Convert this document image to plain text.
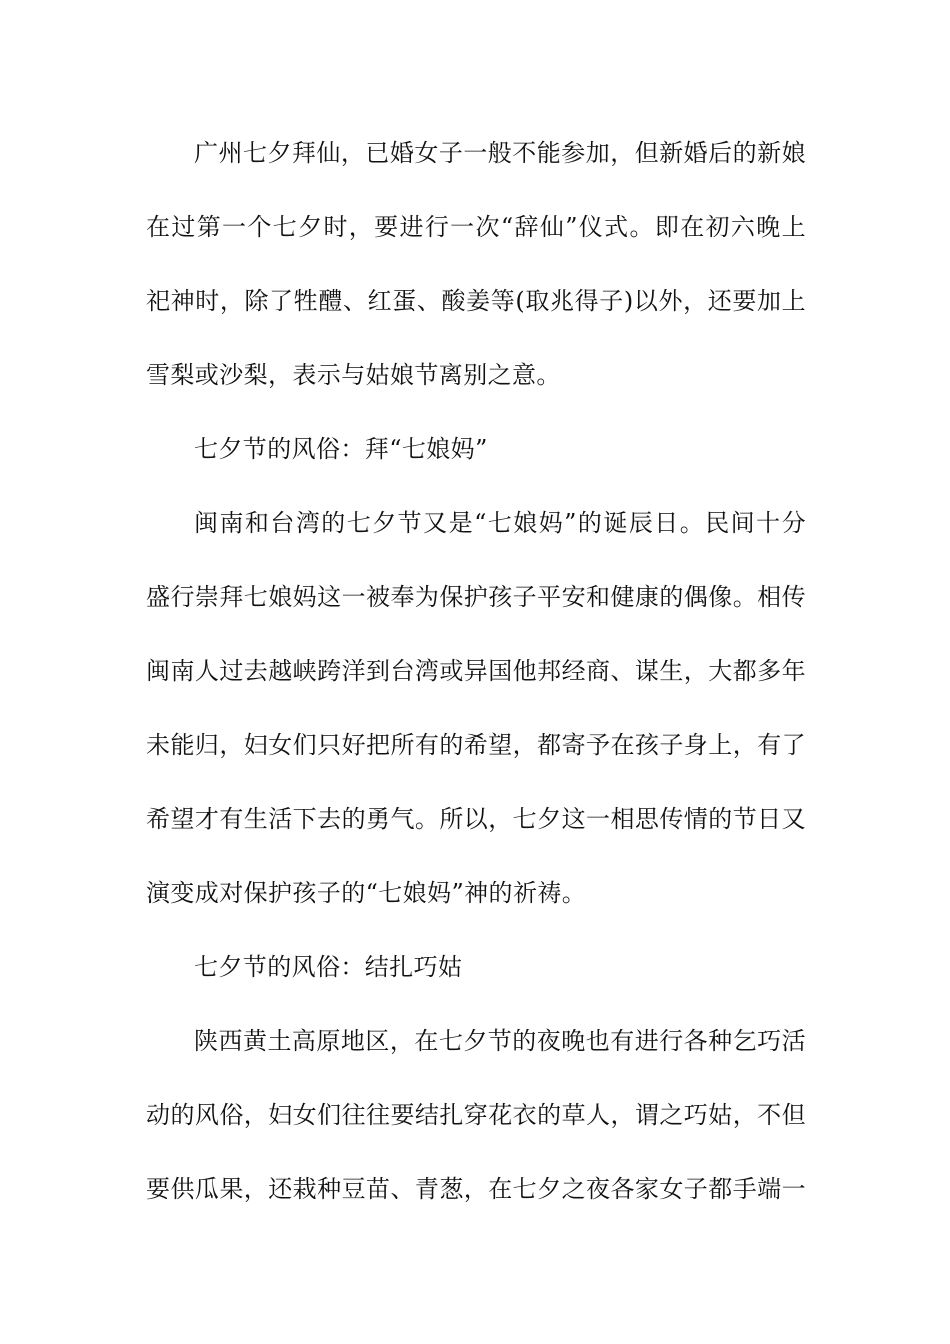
广州七夕拜仙，已婚女子一般不能参加，但新婚后的新娘
在过第一个七夕时，要进行一次“辞仙”仪式。即在初六晚上
祀神时，除了牲醴、红蛋、酸姜等(取兆得子)以外，还要加上
雪梨或沙梨，表示与姑娘节离别之意。
七夕节的风俗：拜“七娘妈”
闽南和台湾的七夕节又是“七娘妈”的诞辰日。民间十分
盛行崇拜七娘妈这一被奉为保护孩子平安和健康的偶像。相传
闽南人过去越峡跨洋到台湾或异国他邦经商、谋生，大都多年
未能归，妇女们只好把所有的希望，都寄予在孩子身上，有了
希望才有生活下去的勇气。所以，七夕这一相思传情的节日又
演变成对保护孩子的“七娘妈”神的祈祷。
七夕节的风俗：结扎巧姑
陕西黄土高原地区，在七夕节的夜晚也有进行各种乞巧活
动的风俗，妇女们往往要结扎穿花衣的草人，谓之巧姑，不但
要供瓜果，还栽种豆苗、青葱，在七夕之夜各家女子都手端一
